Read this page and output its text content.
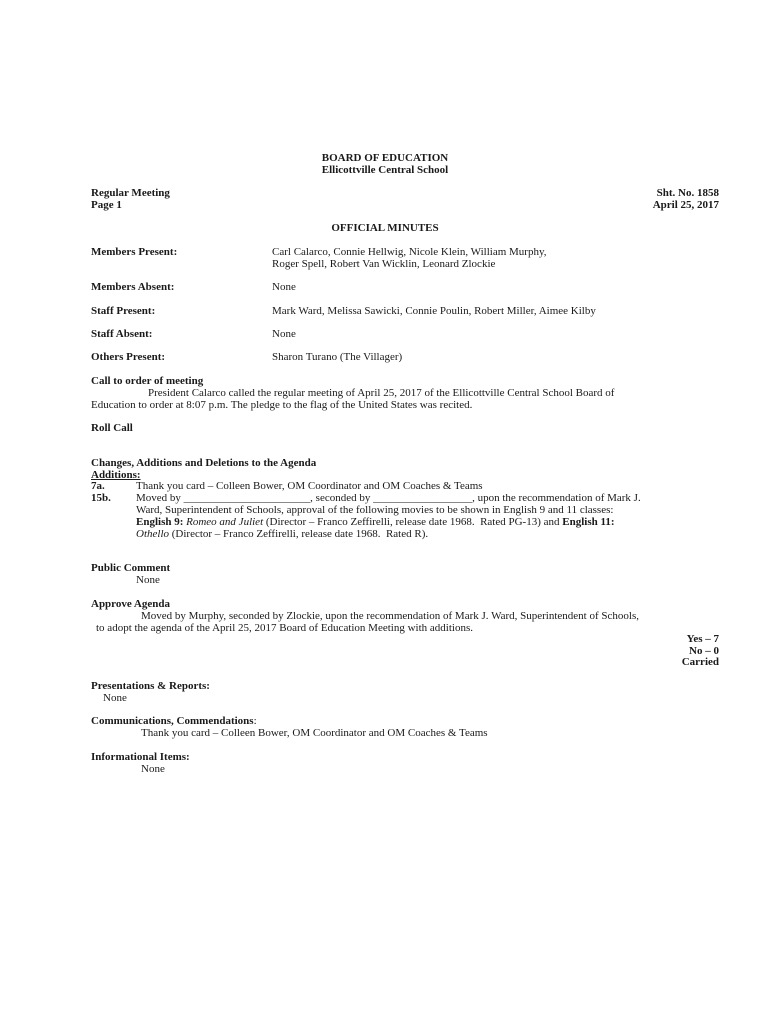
BOARD OF EDUCATION
Ellicottville Central School
Regular Meeting
Page 1
Sht. No. 1858
April 25, 2017
OFFICIAL MINUTES
Members Present:	Carl Calarco, Connie Hellwig, Nicole Klein, William Murphy,
Roger Spell, Robert Van Wicklin, Leonard Zlockie
Members Absent:	None
Staff Present:	Mark Ward, Melissa Sawicki, Connie Poulin, Robert Miller, Aimee Kilby
Staff Absent:	None
Others Present:	Sharon Turano (The Villager)
Call to order of meeting
President Calarco called the regular meeting of April 25, 2017 of the Ellicottville Central School Board of
Education to order at 8:07 p.m. The pledge to the flag of the United States was recited.
Roll Call
Changes, Additions and Deletions to the Agenda
Additions:
7a.	Thank you card – Colleen Bower, OM Coordinator and OM Coaches & Teams
15b. Moved by _______________________, seconded by __________________, upon the recommendation of Mark J.
Ward, Superintendent of Schools, approval of the following movies to be shown in English 9 and 11 classes:
English 9: Romeo and Juliet (Director – Franco Zeffirelli, release date 1968.  Rated PG-13) and English 11:
Othello (Director – Franco Zeffirelli, release date 1968.  Rated R).
Public Comment
None
Approve Agenda
Moved by Murphy, seconded by Zlockie, upon the recommendation of Mark J. Ward, Superintendent of Schools,
to adopt the agenda of the April 25, 2017 Board of Education Meeting with additions.
Yes – 7
No – 0
Carried
Presentations & Reports:
None
Communications, Commendations:
Thank you card – Colleen Bower, OM Coordinator and OM Coaches & Teams
Informational Items:
None
